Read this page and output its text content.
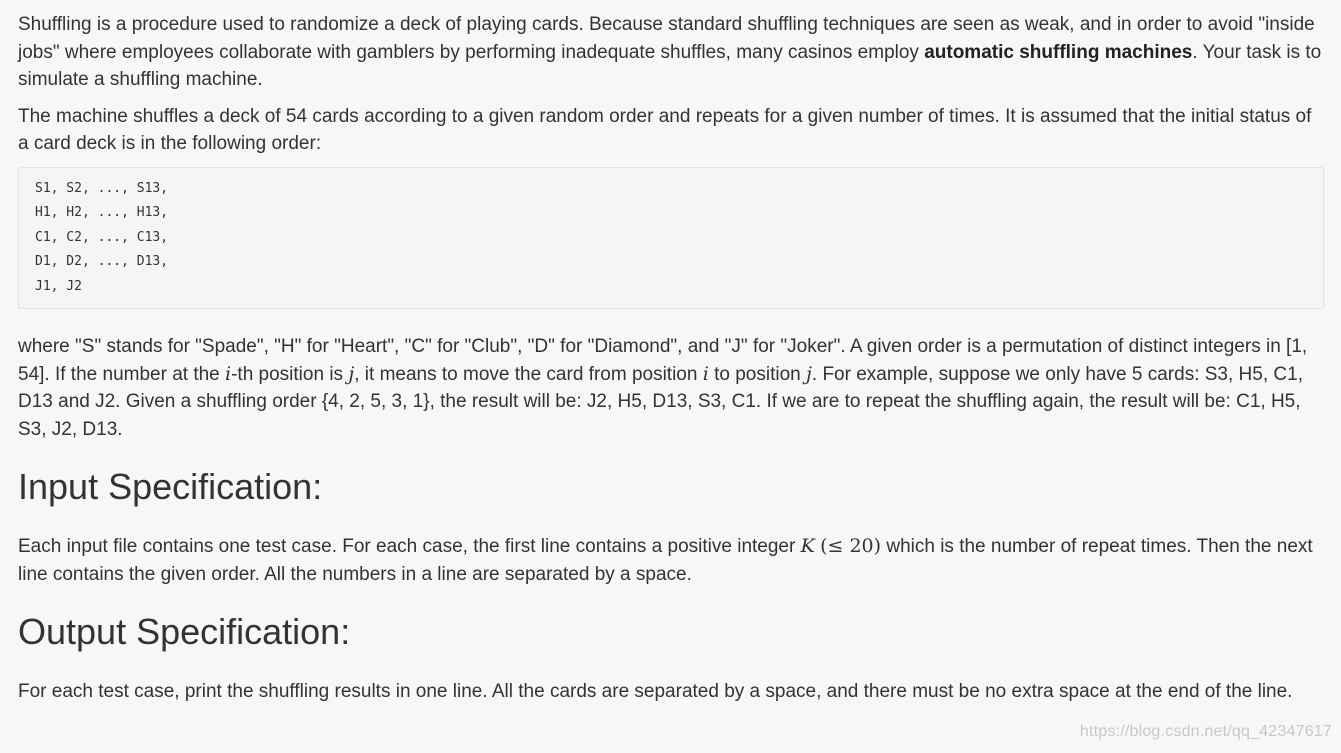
Shuffling is a procedure used to randomize a deck of playing cards. Because standard shuffling techniques are seen as weak, and in order to avoid "inside jobs" where employees collaborate with gamblers by performing inadequate shuffles, many casinos employ automatic shuffling machines. Your task is to simulate a shuffling machine.

The machine shuffles a deck of 54 cards according to a given random order and repeats for a given number of times. It is assumed that the initial status of a card deck is in the following order:

S1, S2, ..., S13,
H1, H2, ..., H13,
C1, C2, ..., C13,
D1, D2, ..., D13,
J1, J2

where "S" stands for "Spade", "H" for "Heart", "C" for "Club", "D" for "Diamond", and "J" for "Joker". A given order is a permutation of distinct integers in [1, 54]. If the number at the i-th position is j, it means to move the card from position i to position j. For example, suppose we only have 5 cards: S3, H5, C1, D13 and J2. Given a shuffling order {4, 2, 5, 3, 1}, the result will be: J2, H5, D13, S3, C1. If we are to repeat the shuffling again, the result will be: C1, H5, S3, J2, D13.

Input Specification:

Each input file contains one test case. For each case, the first line contains a positive integer K (≤ 20) which is the number of repeat times. Then the next line contains the given order. All the numbers in a line are separated by a space.

Output Specification:

For each test case, print the shuffling results in one line. All the cards are separated by a space, and there must be no extra space at the end of the line.

https://blog.csdn.net/qq_42347617
